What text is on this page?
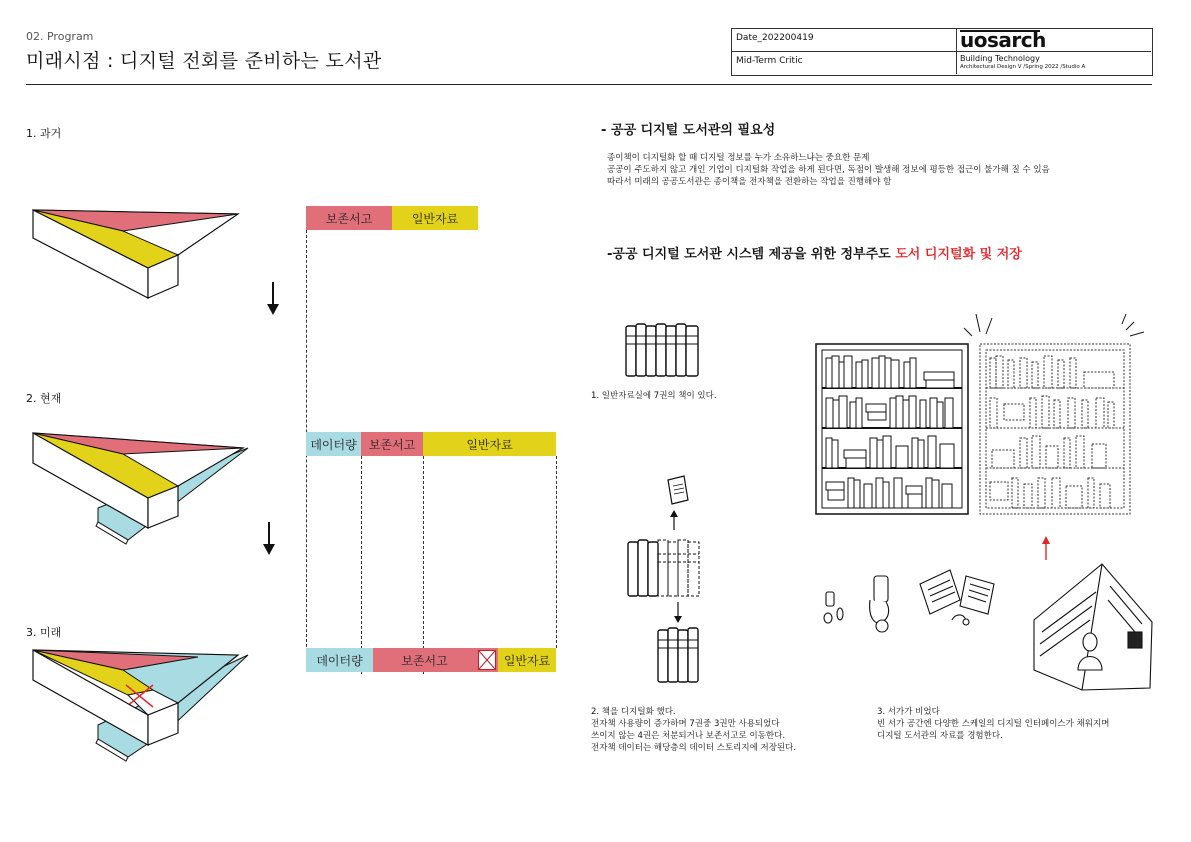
02. Program
미래시점 : 디지털 전회를 준비하는 도서관
Date_202200419
Mid-Term Critic
uosarch
Building Technology
Architectural Design V /Spring 2022 /Studio A
1. 과거
2. 현재
3. 미래
보존서고	일반자료
데이터량	보존서고	일반자료
데이터량	보존서고	일반자료
- 공공 디지털 도서관의 필요성
종이책이 디지털화 할 때 디지털 정보를 누가 소유하느냐는 중요한 문제
공공이 주도하지 않고 개인 기업이 디지털화 작업을 하게 된다면, 독점이 발생해 정보에 평등한 접근이 불가해 질 수 있음
따라서 미래의 공공도서관은 종이책을 전자책을 전환하는 작업을 진행해야 함
-공공 디지털 도서관 시스템 제공을 위한 정부주도 도서 디지털화 및 저장
1. 일반자료실에 7권의 책이 있다.
2. 책을 디지털화 했다.
전자책 사용량이 증가하며 7권중 3권만 사용되었다
쓰이지 않는 4권은 처분되거나 보존서고로 이동한다.
전자책 데이터는 해당층의 데이터 스토리지에 저장된다.
3. 서가가 비었다
빈 서가 공간엔 다양한 스케일의 디지털 인터페이스가 채워지며
디지털 도서관의 자료를 경험한다.
